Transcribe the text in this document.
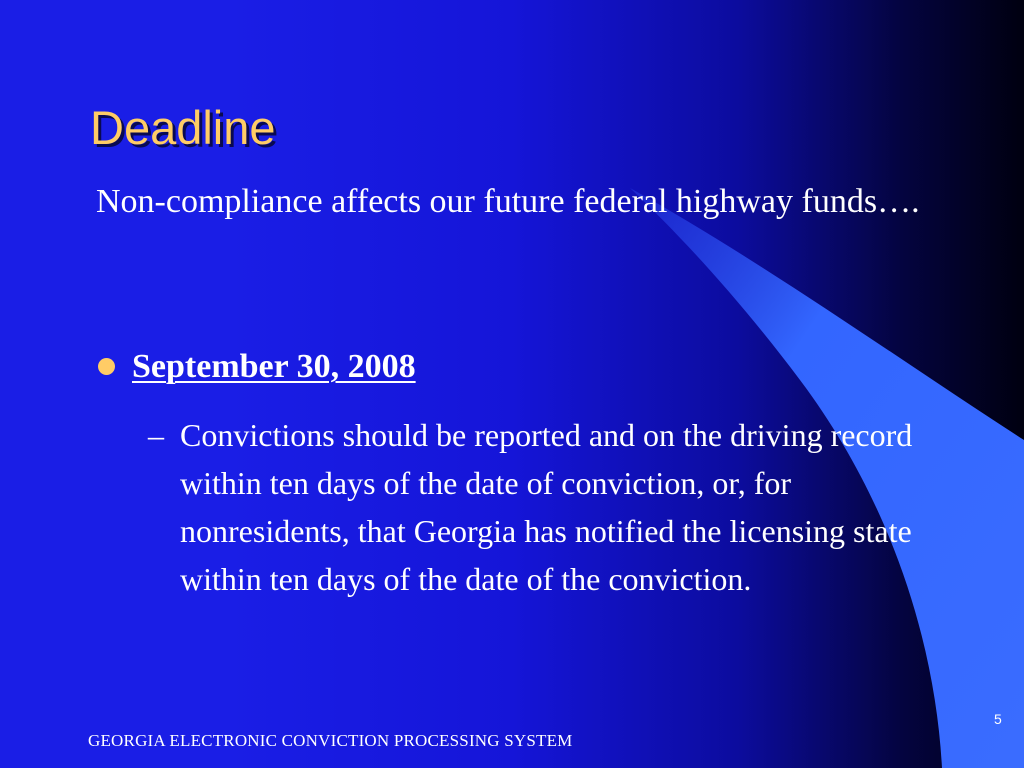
Deadline
Non-compliance affects our future federal highway funds….
September 30, 2008
– Convictions should be reported and on the driving record within ten days of the date of conviction, or, for nonresidents, that Georgia has notified the licensing state within ten days of the date of the conviction.
GEORGIA ELECTRONIC CONVICTION PROCESSING SYSTEM
5
